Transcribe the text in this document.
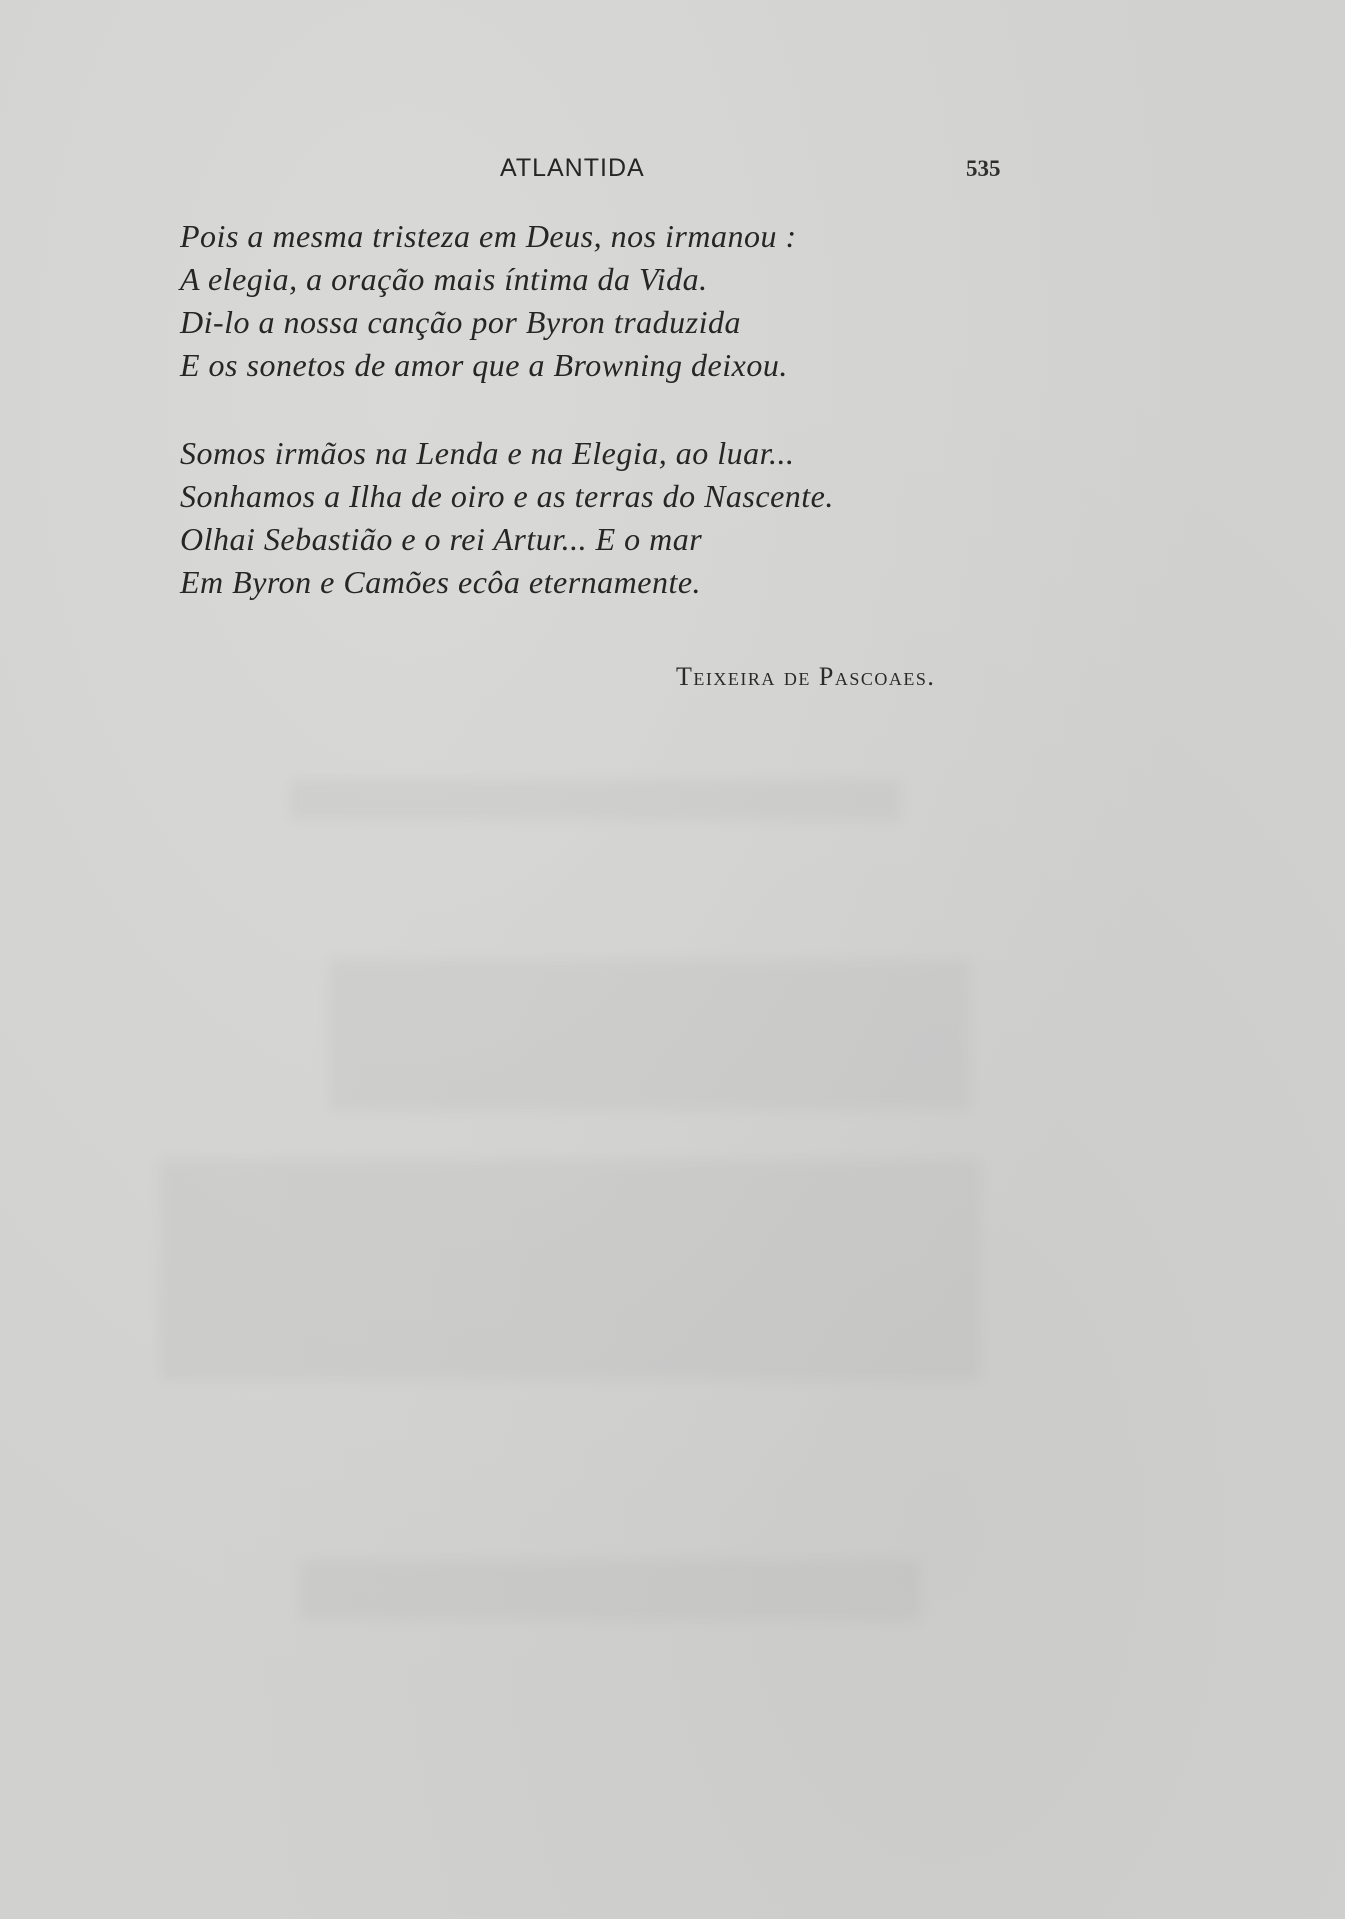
ATLANTIDA	535
Pois a mesma tristeza em Deus, nos irmanou :
A elegia, a oração mais íntima da Vida.
Di-lo a nossa canção por Byron traduzida
E os sonetos de amor que a Browning deixou.
Somos irmãos na Lenda e na Elegia, ao luar...
Sonhamos a Ilha de oiro e as terras do Nascente.
Olhai Sebastião e o rei Artur... E o mar
Em Byron e Camões ecôa eternamente.
Teixeira de Pascoaes.
